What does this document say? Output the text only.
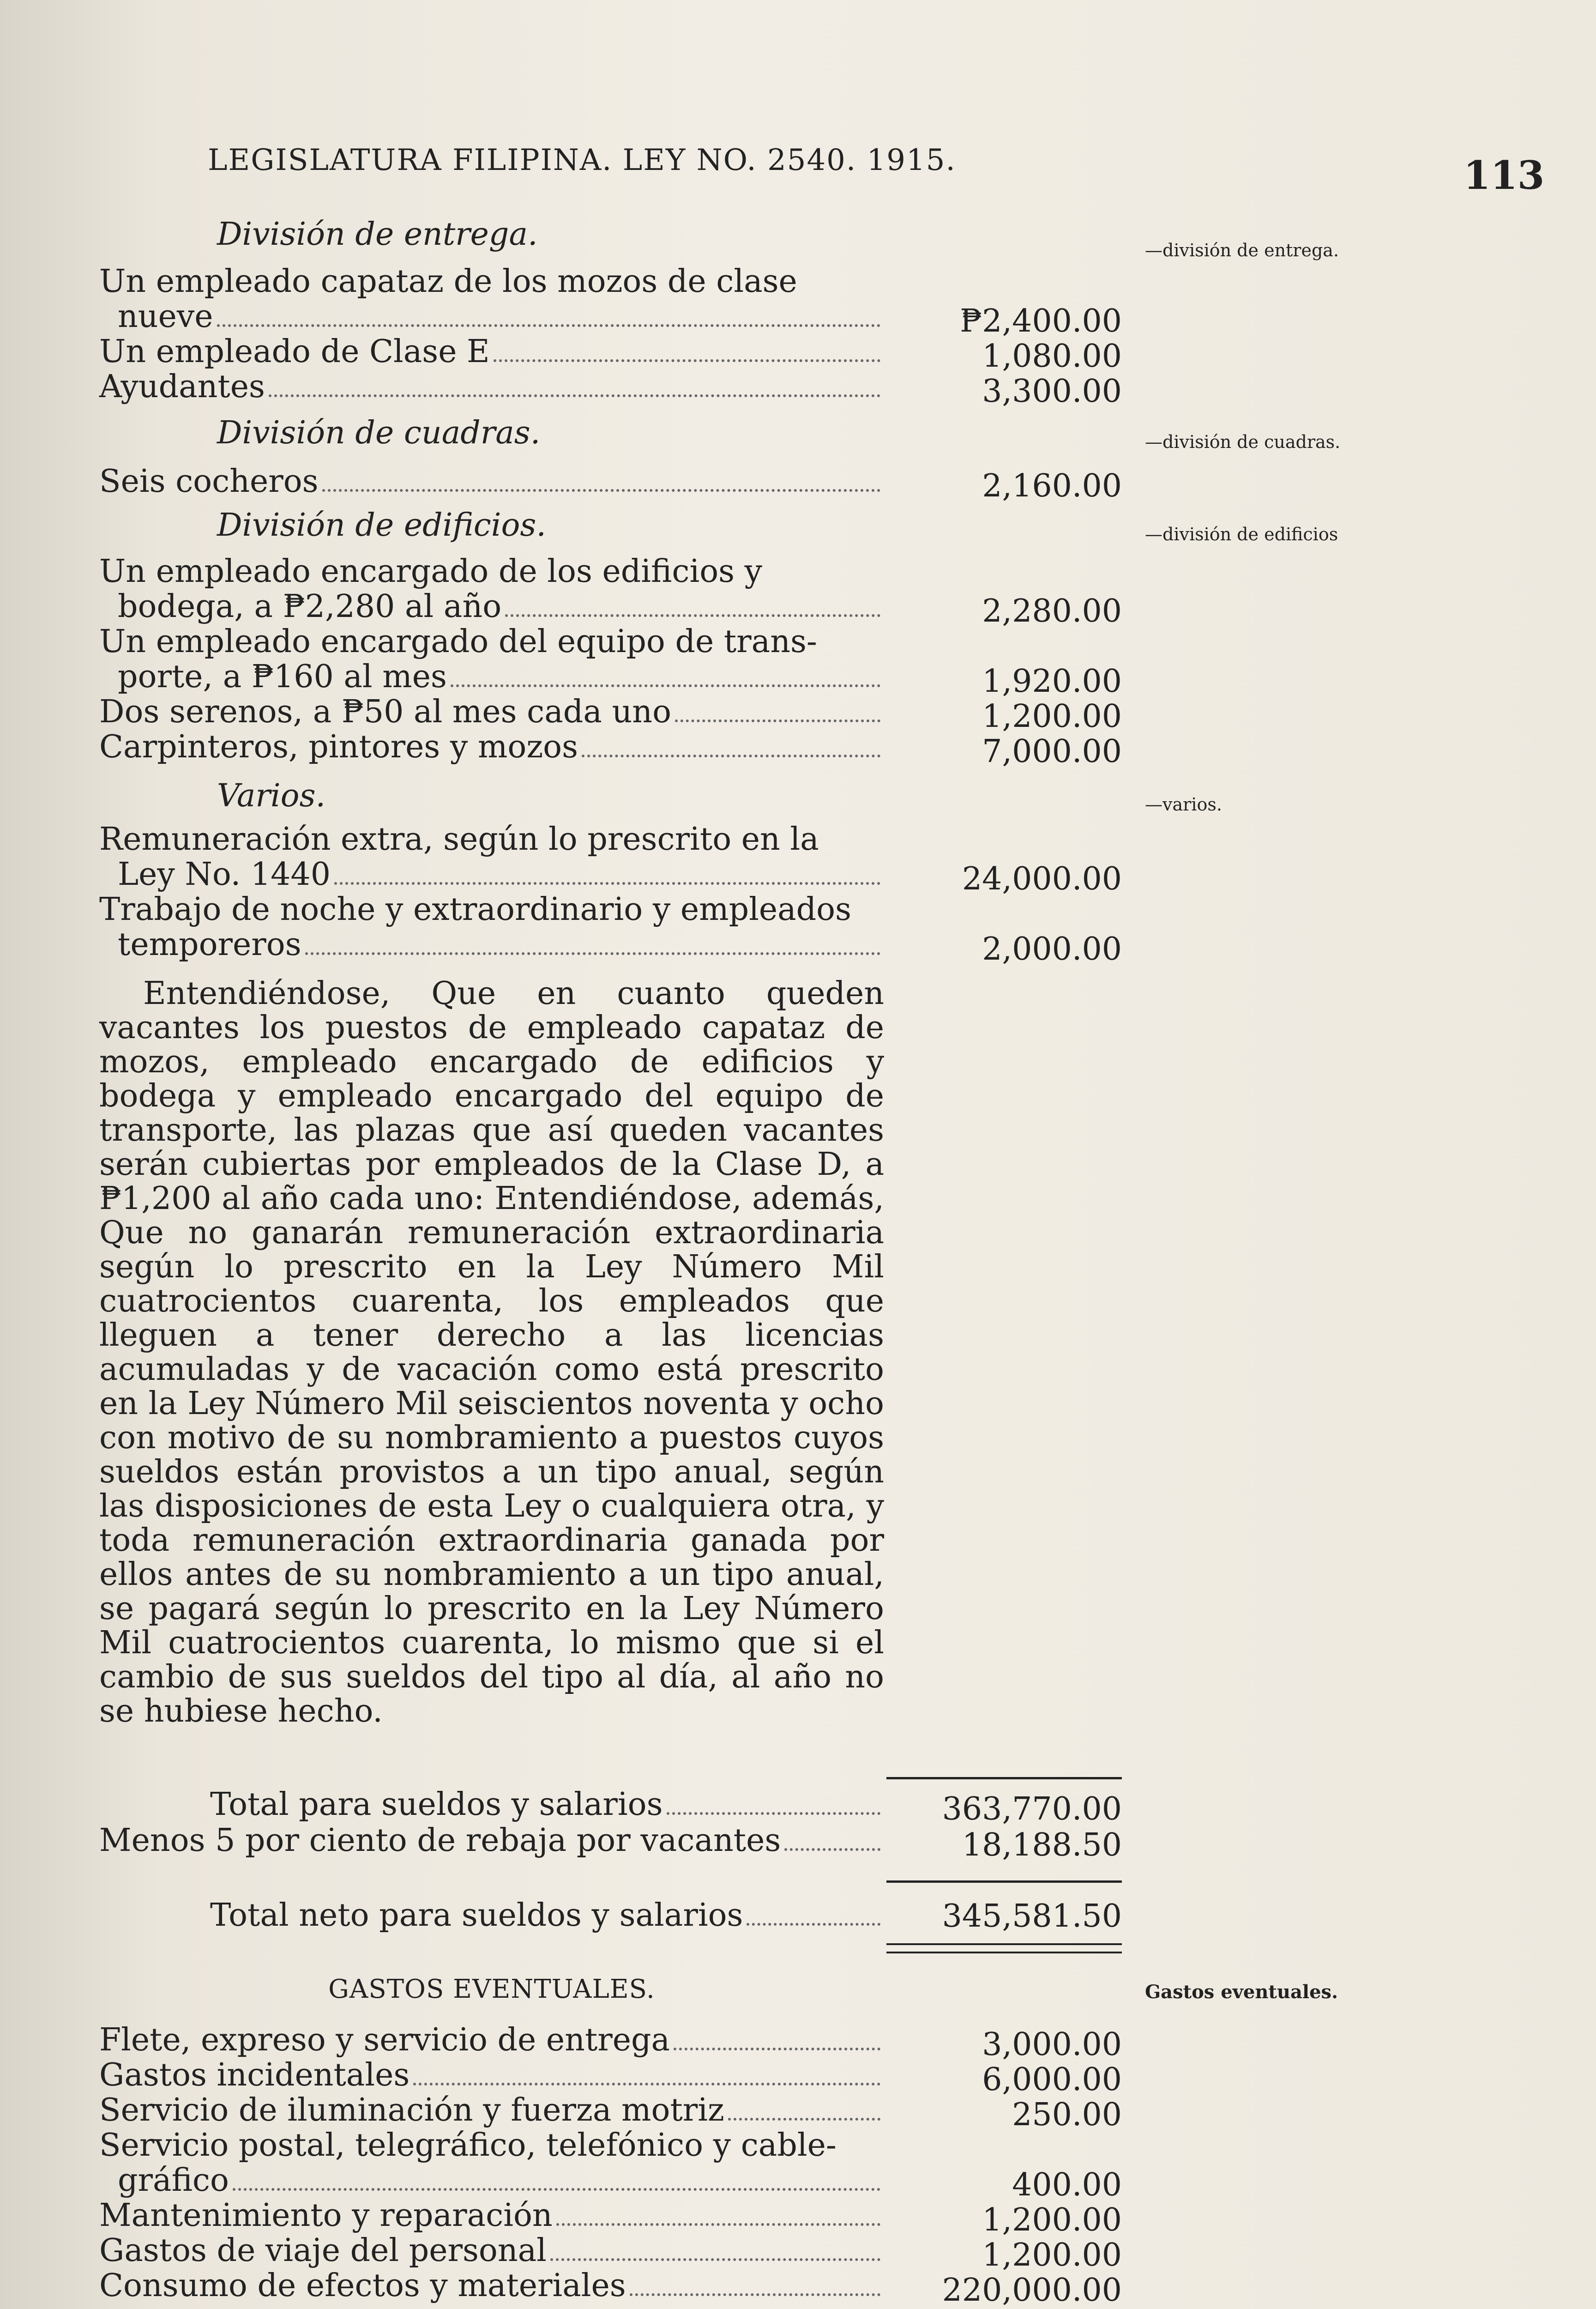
LEGISLATURA FILIPINA. LEY NO. 2540. 1915.	113
División de entrega.	—división de entrega.
Un empleado capataz de los mozos de clase
nueve	₱2,400.00
Un empleado de Clase E	1,080.00
Ayudantes	3,300.00
División de cuadras.	—división de cuadras.
Seis cocheros	2,160.00
División de edificios.	—división de edificios
Un empleado encargado de los edificios y
bodega, a ₱2,280 al año	2,280.00
Un empleado encargado del equipo de trans-
porte, a ₱160 al mes	1,920.00
Dos serenos, a ₱50 al mes cada uno	1,200.00
Carpinteros, pintores y mozos	7,000.00
Varios.	—varios.
Remuneración extra, según lo prescrito en la
Ley No. 1440	24,000.00
Trabajo de noche y extraordinario y empleados
temporeros	2,000.00
Entendiéndose, Que en cuanto queden vacantes los puestos de empleado capataz de mozos, empleado encargado de edificios y bodega y empleado encargado del equipo de transporte, las plazas que así queden vacantes serán cubiertas por empleados de la Clase D, a ₱1,200 al año cada uno: Entendiéndose, además, Que no ganarán remuneración extraordinaria según lo prescrito en la Ley Número Mil cuatrocientos cuarenta, los empleados que lleguen a tener derecho a las licencias acumuladas y de vacación como está prescrito en la Ley Número Mil seiscientos noventa y ocho con motivo de su nombramiento a puestos cuyos sueldos están provistos a un tipo anual, según las disposiciones de esta Ley o cualquiera otra, y toda remuneración extraordinaria ganada por ellos antes de su nombramiento a un tipo anual, se pagará según lo prescrito en la Ley Número Mil cuatrocientos cuarenta, lo mismo que si el cambio de sus sueldos del tipo al día, al año no se hubiese hecho.
Total para sueldos y salarios	363,770.00
Menos 5 por ciento de rebaja por vacantes	18,188.50
Total neto para sueldos y salarios	345,581.50
GASTOS EVENTUALES.	Gastos eventuales.
Flete, expreso y servicio de entrega	3,000.00
Gastos incidentales	6,000.00
Servicio de iluminación y fuerza motriz	250.00
Servicio postal, telegráfico, telefónico y cable-
gráfico	400.00
Mantenimiento y reparación	1,200.00
Gastos de viaje del personal	1,200.00
Consumo de efectos y materiales	220,000.00
